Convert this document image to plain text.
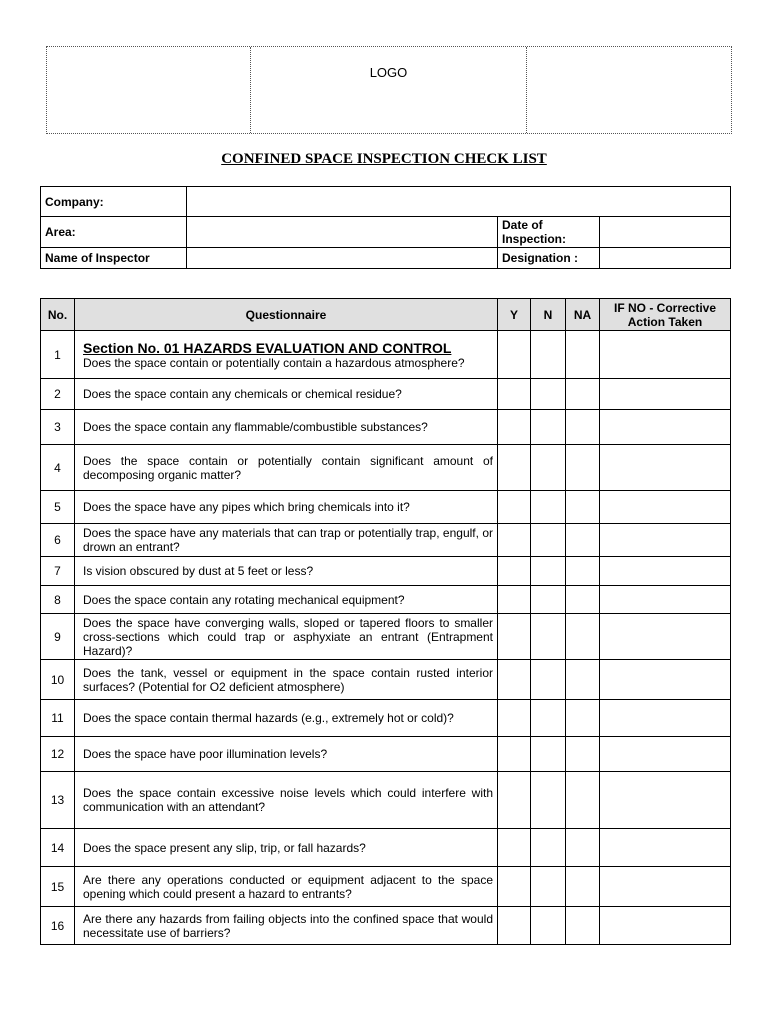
LOGO
CONFINED SPACE INSPECTION CHECK LIST
Company:			
Area:		Date of Inspection:	
Name of Inspector		Designation :	
No.	Questionnaire	Y	N	NA	IF NO - Corrective Action Taken
1	Section No. 01 HAZARDS EVALUATION AND CONTROL
Does the space contain or potentially contain a hazardous atmosphere?				
2	Does the space contain any chemicals or chemical residue?				
3	Does the space contain any flammable/combustible substances?				
4	Does the space contain or potentially contain significant amount of decomposing organic matter?				
5	Does the space have any pipes which bring chemicals into it?				
6	Does the space have any materials that can trap or potentially trap, engulf, or drown an entrant?				
7	Is vision obscured by dust at 5 feet or less?				
8	Does the space contain any rotating mechanical equipment?				
9	Does the space have converging walls, sloped or tapered floors to smaller cross-sections which could trap or asphyxiate an entrant (Entrapment Hazard)?				
10	Does the tank, vessel or equipment in the space contain rusted interior surfaces? (Potential for O2 deficient atmosphere)				
11	Does the space contain thermal hazards (e.g., extremely hot or cold)?				
12	Does the space have poor illumination levels?				
13	Does the space contain excessive noise levels which could interfere with communication with an attendant?				
14	Does the space present any slip, trip, or fall hazards?				
15	Are there any operations conducted or equipment adjacent to the space opening which could present a hazard to entrants?				
16	Are there any hazards from failing objects into the confined space that would necessitate use of barriers?				
